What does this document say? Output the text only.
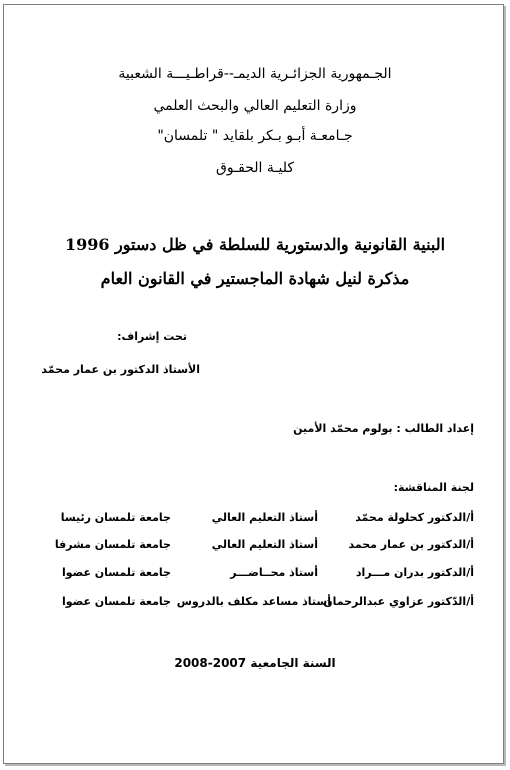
الجـمهورية الجزائـرية الديمـ--قراطـيـــة الشعبية
وزارة التعليم العالي والبحث العلمي
جـامعـة أبـو بـكر بلقايد " تلمسان"
كليـة الحقـوق
البنية القانونية والدستورية للسلطة في ظل دستور 1996
مذكرة لنيل شهادة الماجستير في القانون العام
تحت إشراف:
الأستاذ الدكتور بن عمار محمّد
إعداد الطالب : بولوم محمّد الأمين
لجنة المناقشة:
أ/الدكتور كحلولة محمّد
أستاذ التعليم العالي
جامعة تلمسان
رئيسا
أ/الدكتور بن عمار محمد
أستاذ التعليم العالي
جامعة تلمسان
مشرفا
أ/الدكتور بدران مـــراد
أستاذ محــاضـــر
جامعة تلمسان
عضوا
أ/الدّكتور عزاوي عبدالرحمان
أستاذ مساعد مكلف بالدروس
جامعة تلمسان
عضوا
السنة الجامعية 2007-2008
